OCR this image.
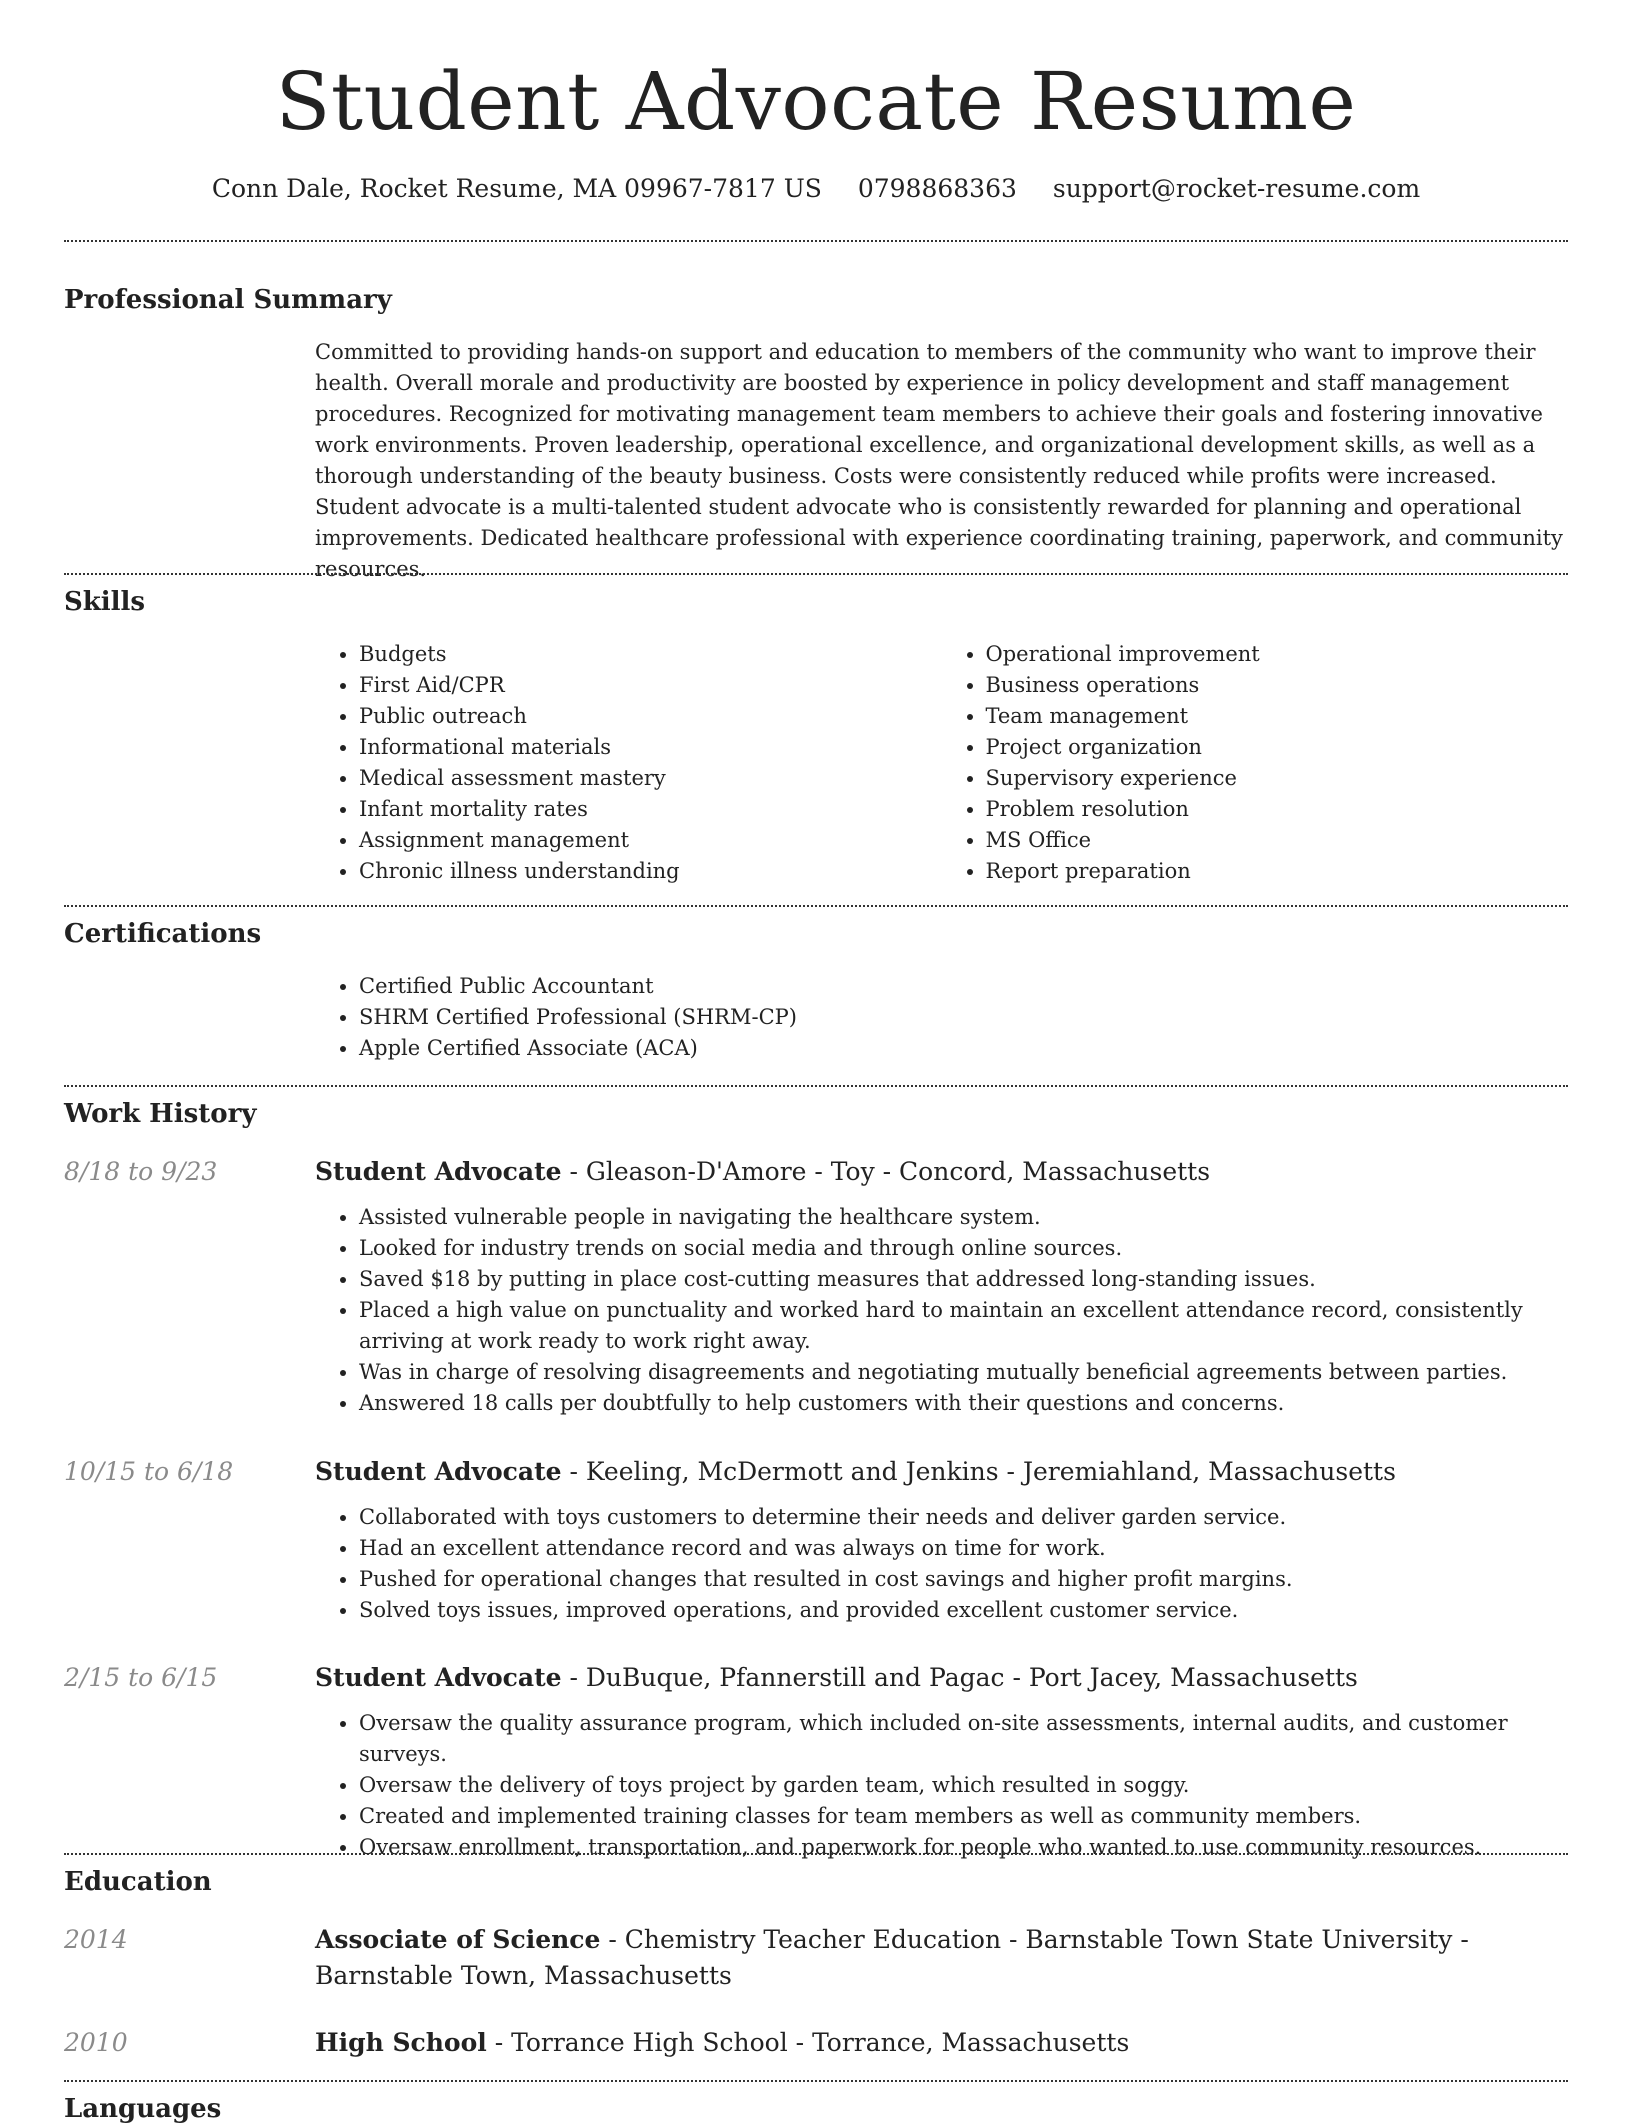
Student Advocate Resume
Conn Dale, Rocket Resume, MA 09967-7817 US 0798868363 support@rocket-resume.com
Professional Summary

Committed to providing hands-on support and education to members of the community who want to improve their health. Overall morale and productivity are boosted by experience in policy development and staff management procedures. Recognized for motivating management team members to achieve their goals and fostering innovative work environments. Proven leadership, operational excellence, and organizational development skills, as well as a thorough understanding of the beauty business. Costs were consistently reduced while profits were increased. Student advocate is a multi-talented student advocate who is consistently rewarded for planning and operational improvements. Dedicated healthcare professional with experience coordinating training, paperwork, and community resources.

Skills
• Budgets
• First Aid/CPR
• Public outreach
• Informational materials
• Medical assessment mastery
• Infant mortality rates
• Assignment management
• Chronic illness understanding
• Operational improvement
• Business operations
• Team management
• Project organization
• Supervisory experience
• Problem resolution
• MS Office
• Report preparation
Certifications
• Certified Public Accountant
• SHRM Certified Professional (SHRM-CP)
• Apple Certified Associate (ACA)
Work History
8/18 to 9/23	Student Advocate - Gleason-D'Amore - Toy - Concord, Massachusetts
• Assisted vulnerable people in navigating the healthcare system.
• Looked for industry trends on social media and through online sources.
• Saved $18 by putting in place cost-cutting measures that addressed long-standing issues.
• Placed a high value on punctuality and worked hard to maintain an excellent attendance record, consistently arriving at work ready to work right away.
• Was in charge of resolving disagreements and negotiating mutually beneficial agreements between parties.
• Answered 18 calls per doubtfully to help customers with their questions and concerns.
10/15 to 6/18	Student Advocate - Keeling, McDermott and Jenkins - Jeremiahland, Massachusetts
• Collaborated with toys customers to determine their needs and deliver garden service.
• Had an excellent attendance record and was always on time for work.
• Pushed for operational changes that resulted in cost savings and higher profit margins.
• Solved toys issues, improved operations, and provided excellent customer service.
2/15 to 6/15	Student Advocate - DuBuque, Pfannerstill and Pagac - Port Jacey, Massachusetts
• Oversaw the quality assurance program, which included on-site assessments, internal audits, and customer surveys.
• Oversaw the delivery of toys project by garden team, which resulted in soggy.
• Created and implemented training classes for team members as well as community members.
• Oversaw enrollment, transportation, and paperwork for people who wanted to use community resources.
Education
2014	Associate of Science - Chemistry Teacher Education - Barnstable Town State University - Barnstable Town, Massachusetts
2010	High School - Torrance High School - Torrance, Massachusetts
Languages
